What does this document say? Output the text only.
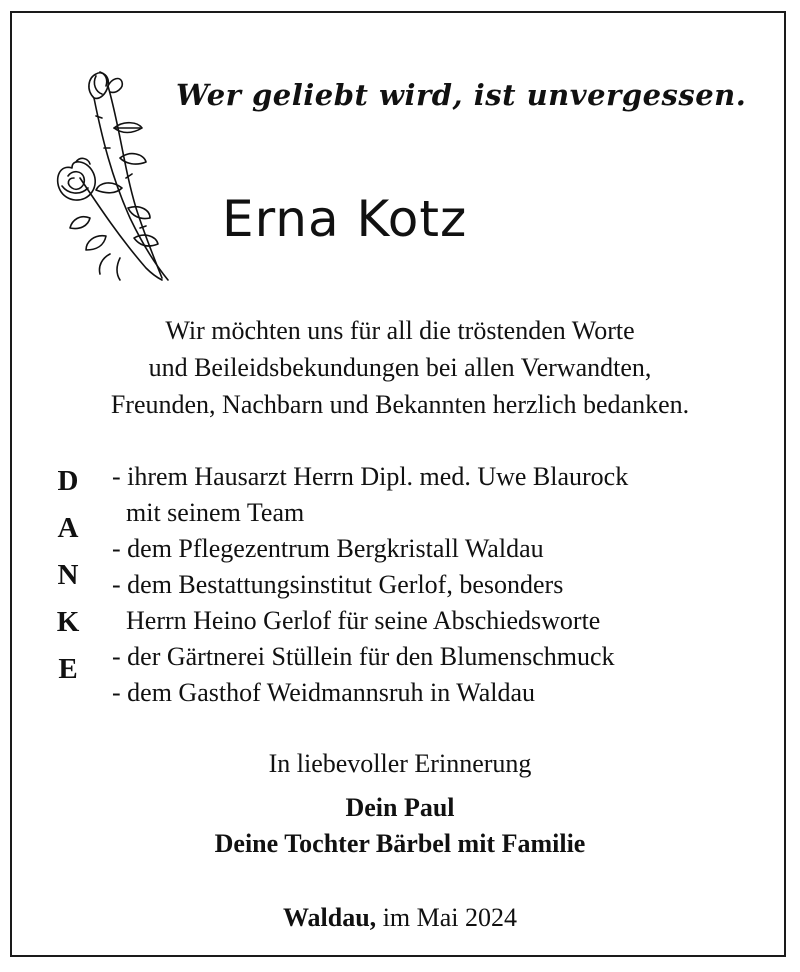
Wer geliebt wird, ist unvergessen.
Erna Kotz
Wir möchten uns für all die tröstenden Worte
und Beileidsbekundungen bei allen Verwandten,
Freunden, Nachbarn und Bekannten herzlich bedanken.
D
A
N
K
E
- ihrem Hausarzt Herrn Dipl. med. Uwe Blaurock
mit seinem Team
- dem Pflegezentrum Bergkristall Waldau
- dem Bestattungsinstitut Gerlof, besonders
Herrn Heino Gerlof für seine Abschiedsworte
- der Gärtnerei Stüllein für den Blumenschmuck
- dem Gasthof Weidmannsruh in Waldau
In liebevoller Erinnerung
Dein Paul
Deine Tochter Bärbel mit Familie
Waldau, im Mai 2024
